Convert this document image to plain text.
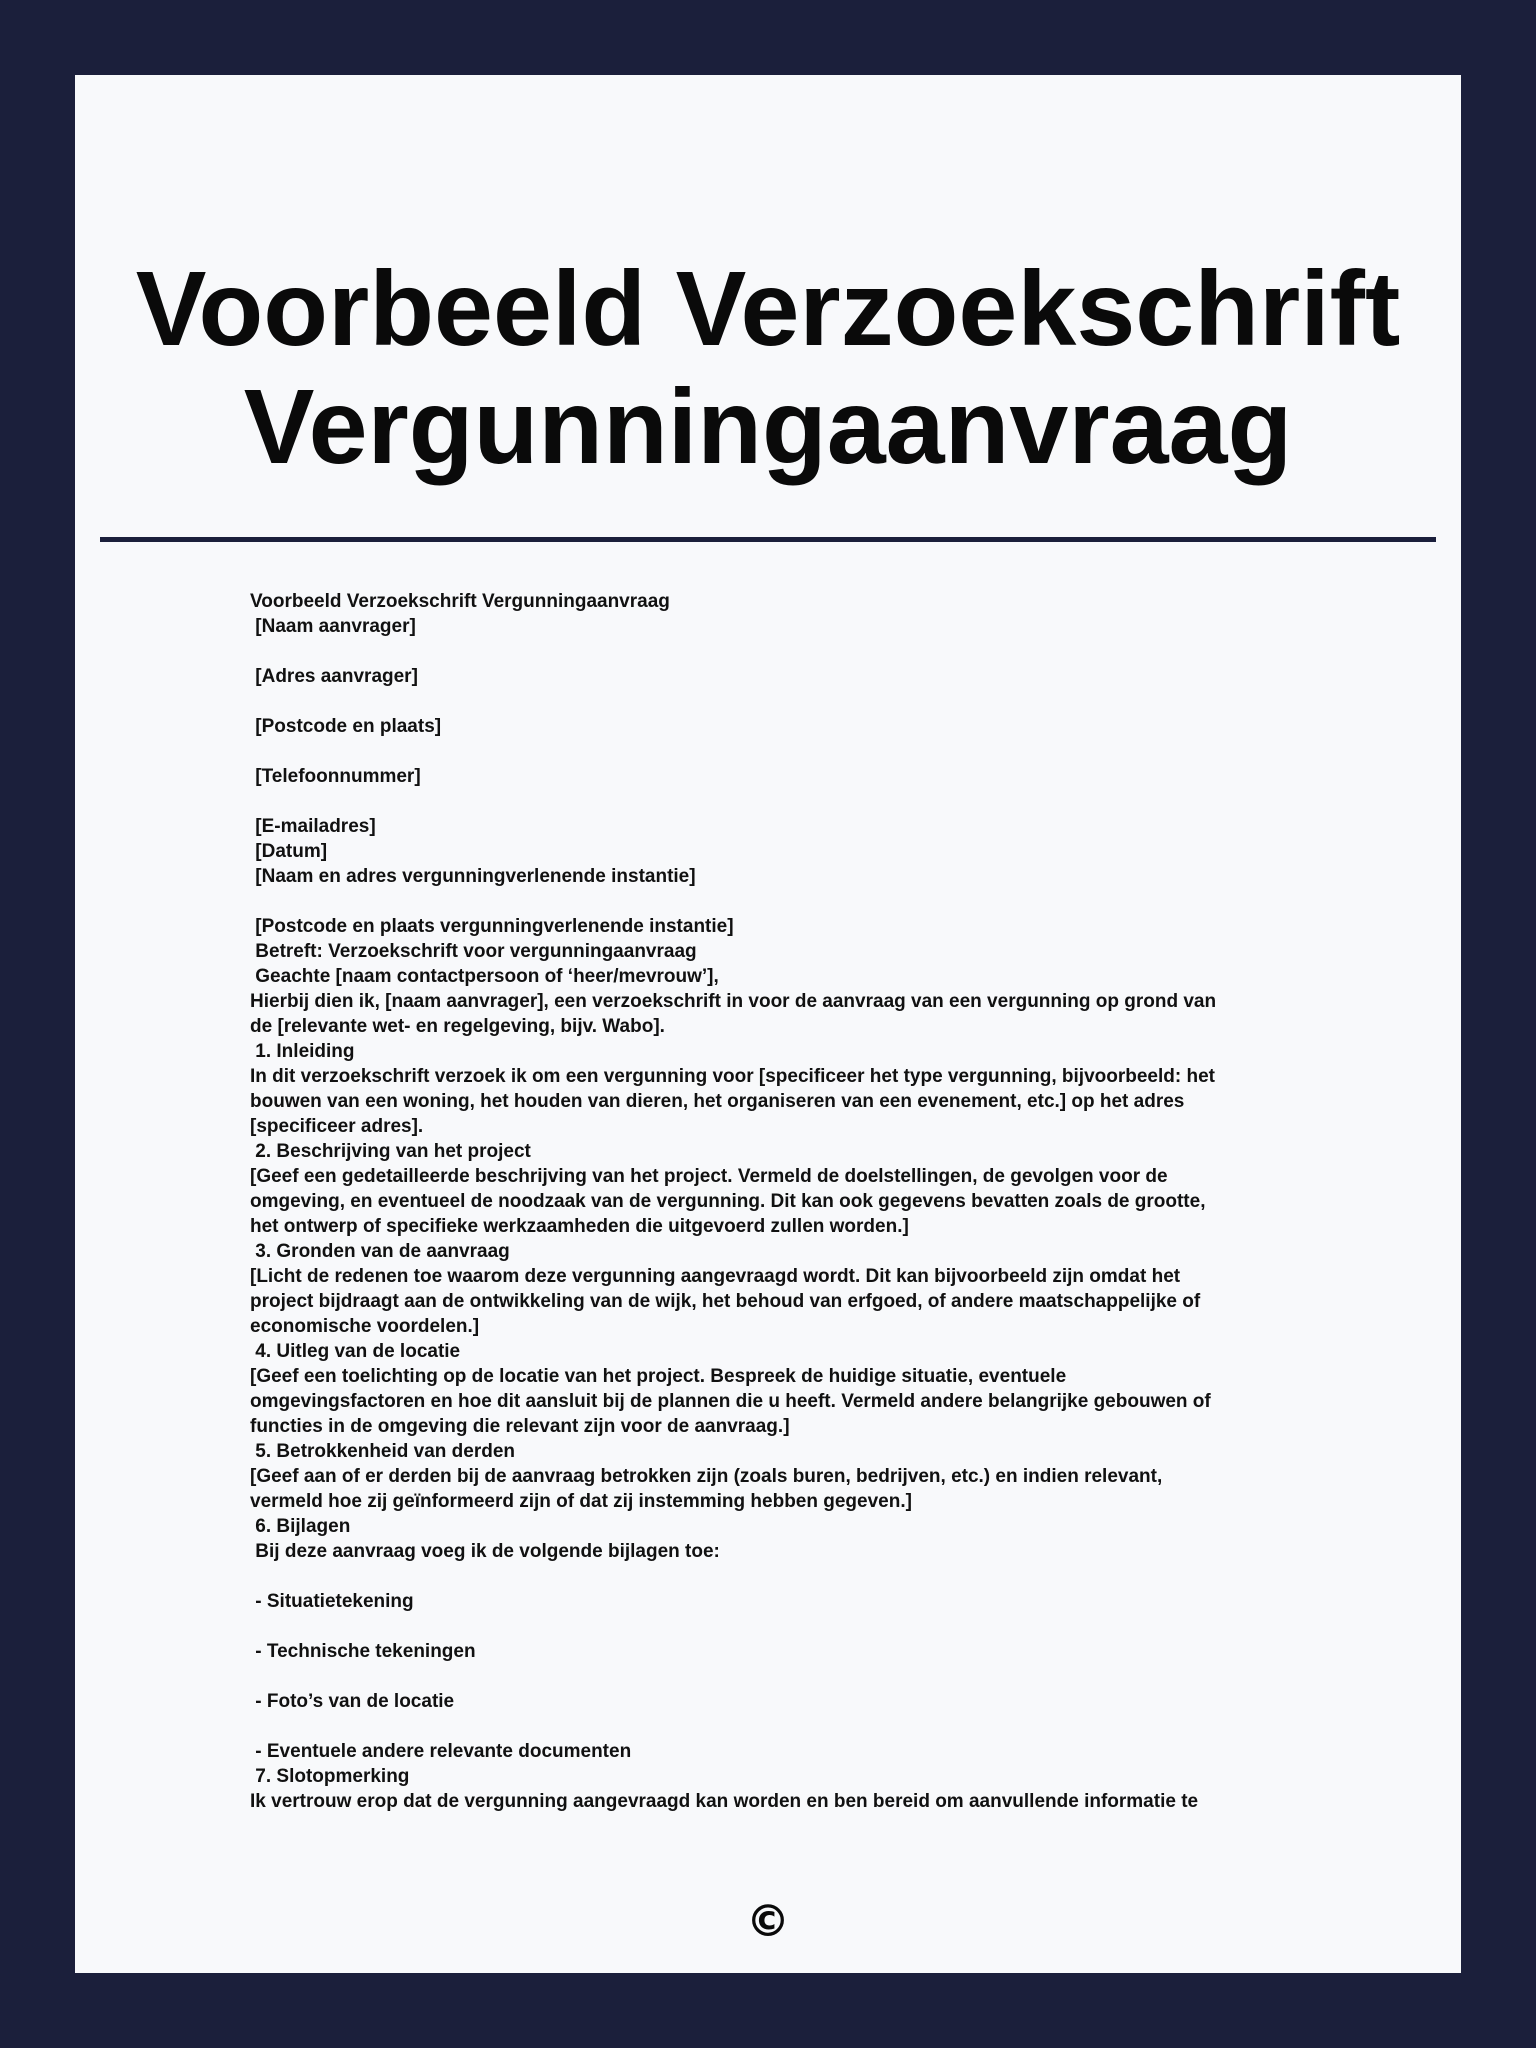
Voorbeeld Verzoekschrift
Vergunningaanvraag
Voorbeeld Verzoekschrift Vergunningaanvraag
[Naam aanvrager]
[Adres aanvrager]
[Postcode en plaats]
[Telefoonnummer]
[E-mailadres]
[Datum]
[Naam en adres vergunningverlenende instantie]
[Postcode en plaats vergunningverlenende instantie]
Betreft: Verzoekschrift voor vergunningaanvraag
Geachte [naam contactpersoon of ‘heer/mevrouw’],
Hierbij dien ik, [naam aanvrager], een verzoekschrift in voor de aanvraag van een vergunning op grond van
de [relevante wet- en regelgeving, bijv. Wabo].
1. Inleiding
In dit verzoekschrift verzoek ik om een vergunning voor [specificeer het type vergunning, bijvoorbeeld: het
bouwen van een woning, het houden van dieren, het organiseren van een evenement, etc.] op het adres
[specificeer adres].
2. Beschrijving van het project
[Geef een gedetailleerde beschrijving van het project. Vermeld de doelstellingen, de gevolgen voor de
omgeving, en eventueel de noodzaak van de vergunning. Dit kan ook gegevens bevatten zoals de grootte,
het ontwerp of specifieke werkzaamheden die uitgevoerd zullen worden.]
3. Gronden van de aanvraag
[Licht de redenen toe waarom deze vergunning aangevraagd wordt. Dit kan bijvoorbeeld zijn omdat het
project bijdraagt aan de ontwikkeling van de wijk, het behoud van erfgoed, of andere maatschappelijke of
economische voordelen.]
4. Uitleg van de locatie
[Geef een toelichting op de locatie van het project. Bespreek de huidige situatie, eventuele
omgevingsfactoren en hoe dit aansluit bij de plannen die u heeft. Vermeld andere belangrijke gebouwen of
functies in de omgeving die relevant zijn voor de aanvraag.]
5. Betrokkenheid van derden
[Geef aan of er derden bij de aanvraag betrokken zijn (zoals buren, bedrijven, etc.) en indien relevant,
vermeld hoe zij geïnformeerd zijn of dat zij instemming hebben gegeven.]
6. Bijlagen
Bij deze aanvraag voeg ik de volgende bijlagen toe:
- Situatietekening
- Technische tekeningen
- Foto’s van de locatie
- Eventuele andere relevante documenten
7. Slotopmerking
Ik vertrouw erop dat de vergunning aangevraagd kan worden en ben bereid om aanvullende informatie te
©
